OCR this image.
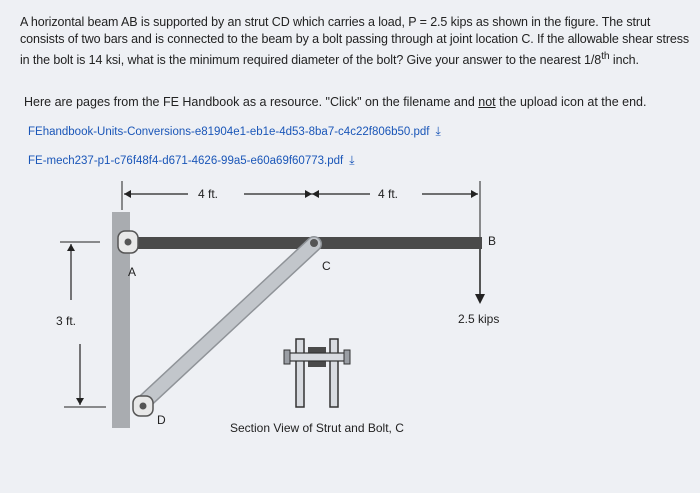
A horizontal beam AB is supported by an strut CD which carries a load, P = 2.5 kips as shown in the figure. The strut consists of two bars and is connected to the beam by a bolt passing through at joint location C. If the allowable shear stress in the bolt is 14 ksi, what is the minimum required diameter of the bolt? Give your answer to the nearest 1/8th inch.

Here are pages from the FE Handbook as a resource. "Click" on the filename and not the upload icon at the end.
FEhandbook-Units-Conversions-e81904e1-eb1e-4d53-8ba7-c4c22f806b50.pdf ⤓
FE-mech237-p1-c76f48f4-d671-4626-99a5-e60a69f60773.pdf ⤓
4 ft.	4 ft.
A
B
C
D
3 ft.	2.5 kips
Section View of Strut and Bolt, C
